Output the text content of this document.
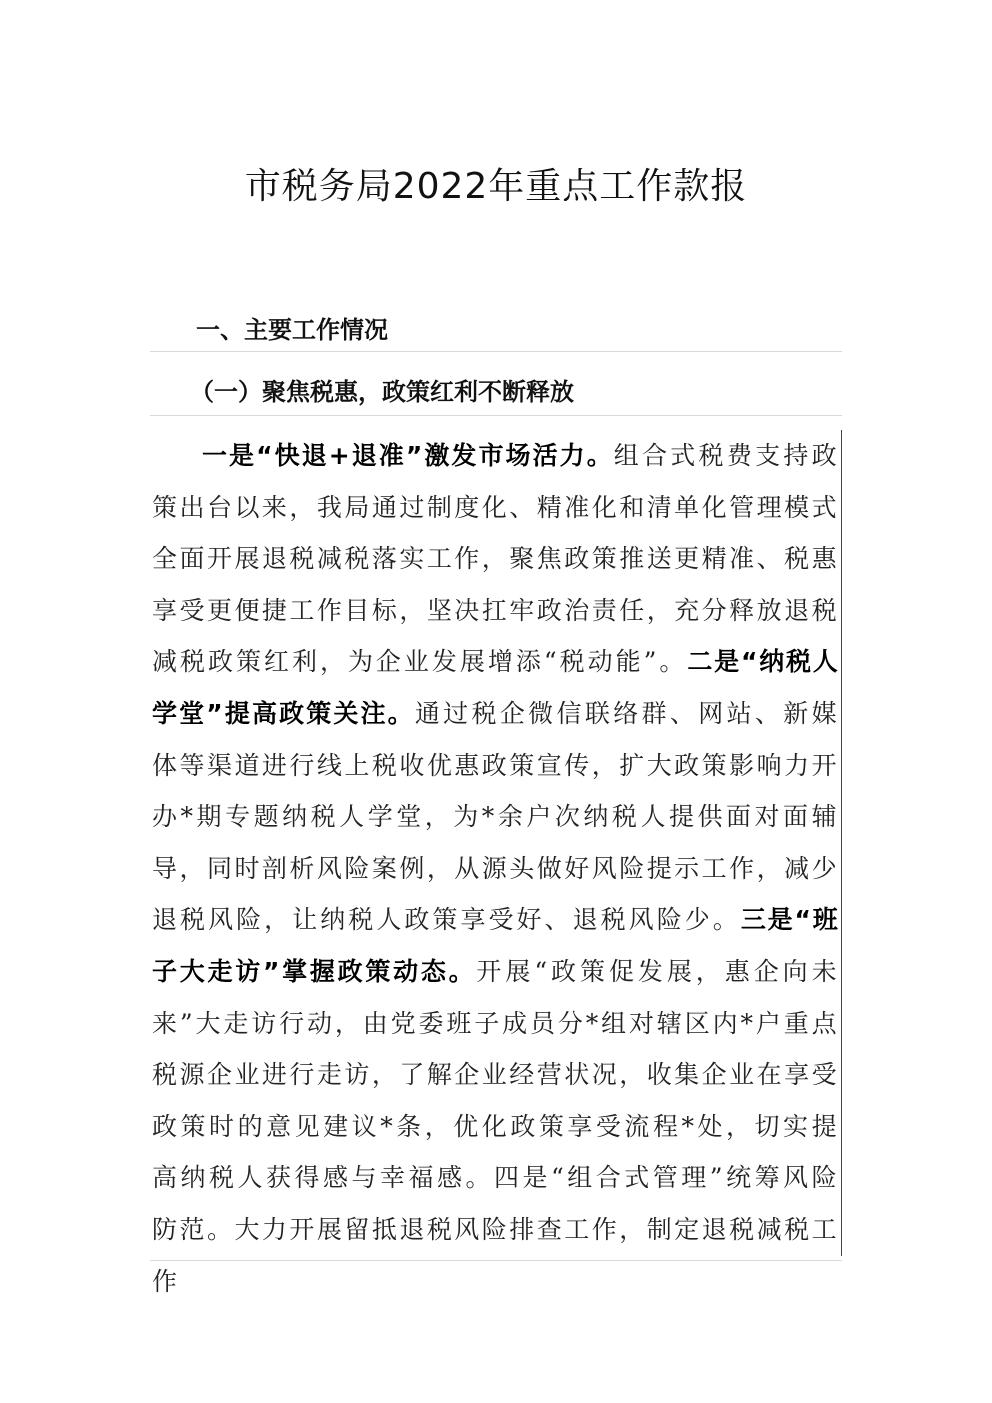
市税务局2022年重点工作款报
一、主要工作情况
（一）聚焦税惠，政策红利不断释放

一是“快退+退准”激发市场活力。组合式税费支持政策出台以来，我局通过制度化、精准化和清单化管理模式全面开展退税减税落实工作，聚焦政策推送更精准、税惠享受更便捷工作目标，坚决扛牢政治责任，充分释放退税减税政策红利，为企业发展增添“税动能”。二是“纳税人学堂”提高政策关注。通过税企微信联络群、网站、新媒体等渠道进行线上税收优惠政策宣传，扩大政策影响力开办*期专题纳税人学堂，为*余户次纳税人提供面对面辅导，同时剖析风险案例，从源头做好风险提示工作，减少退税风险，让纳税人政策享受好、退税风险少。三是“班子大走访”掌握政策动态。开展“政策促发展，惠企向未来”大走访行动，由党委班子成员分*组对辖区内*户重点税源企业进行走访，了解企业经营状况，收集企业在享受政策时的意见建议*条，优化政策享受流程*处，切实提高纳税人获得感与幸福感。四是“组合式管理”统筹风险防范。大力开展留抵退税风险排查工作，制定退税减税工作
